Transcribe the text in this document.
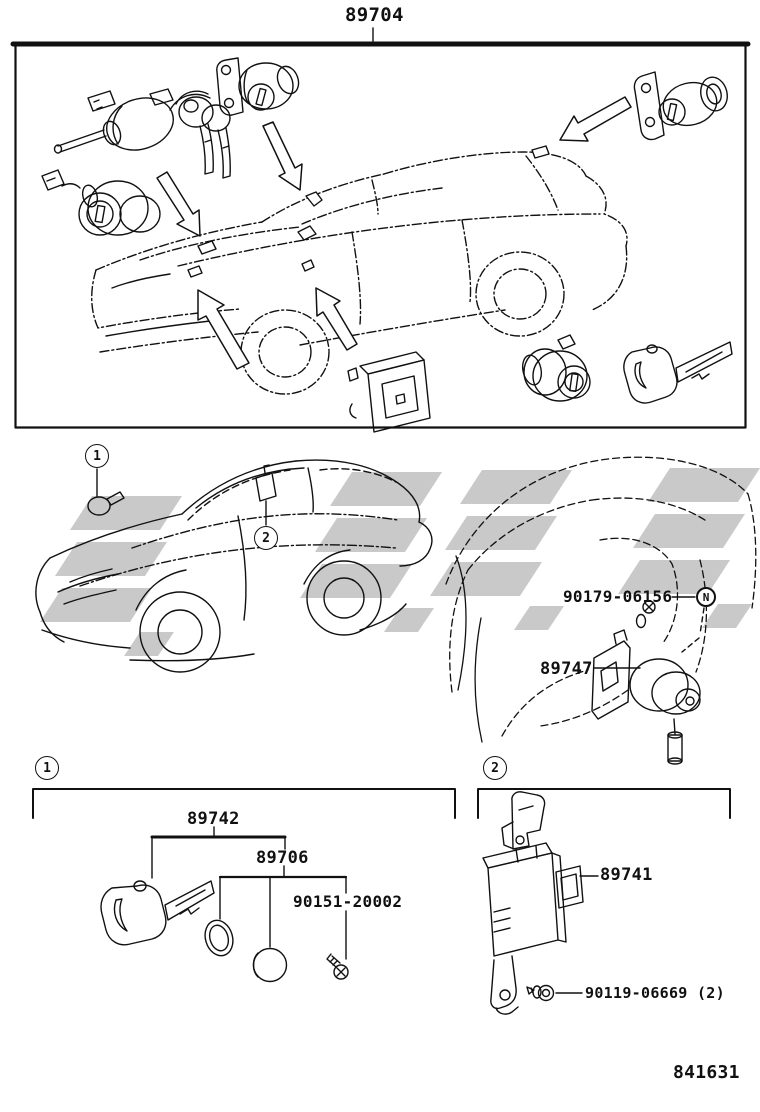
89704
1
2
90179-06156	N
89747
1
89742
89706
90151-20002
2
89741
90119-06669 (2)
841631
